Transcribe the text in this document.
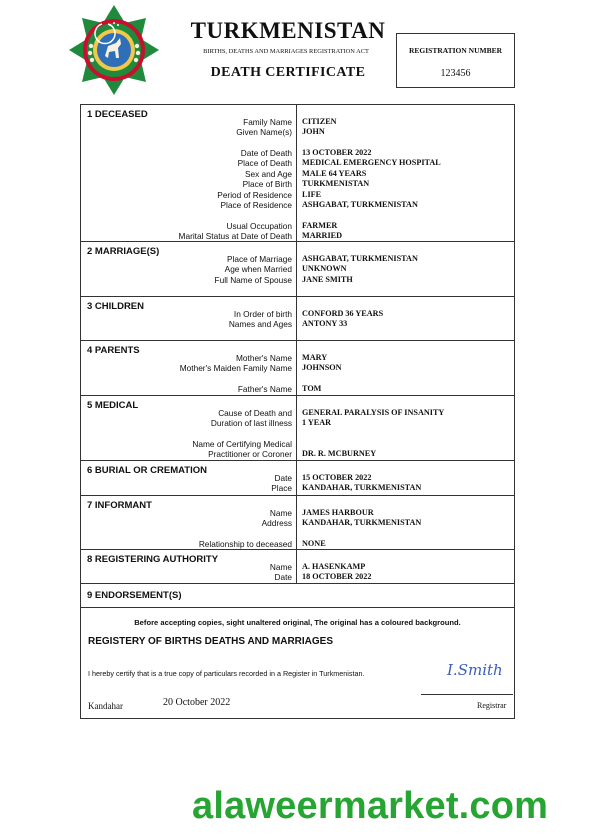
TURKMENISTAN
BIRTHS, DEATHS AND MARRIAGES REGISTRATION ACT
DEATH CERTIFICATE
REGISTRATION NUMBER
123456
1 DECEASED
Family Name CITIZEN
Given Name(s) JOHN
Date of Death 13 OCTOBER 2022
Place of Death MEDICAL EMERGENCY HOSPITAL
Sex and Age MALE 64 YEARS
Place of Birth TURKMENISTAN
Period of Residence LIFE
Place of Residence ASHGABAT, TURKMENISTAN
Usual Occupation FARMER
Marital Status at Date of Death MARRIED
2 MARRIAGE(S)
Place of Marriage ASHGABAT, TURKMENISTAN
Age when Married UNKNOWN
Full Name of Spouse JANE SMITH
3 CHILDREN
In Order of birth CONFORD 36 YEARS
Names and Ages ANTONY 33
4 PARENTS
Mother's Name MARY
Mother's Maiden Family Name JOHNSON
Father's Name TOM
5 MEDICAL
Cause of Death and GENERAL PARALYSIS OF INSANITY
Duration of last illness 1 YEAR
Name of Certifying Medical
Practitioner or Coroner DR. R. MCBURNEY
6 BURIAL OR CREMATION
Date 15 OCTOBER 2022
Place KANDAHAR, TURKMENISTAN
7 INFORMANT
Name JAMES HARBOUR
Address KANDAHAR, TURKMENISTAN
Relationship to deceased NONE
8 REGISTERING AUTHORITY
Name A. HASENKAMP
Date 18 OCTOBER 2022
9 ENDORSEMENT(S)
Before accepting copies, sight unaltered original, The original has a coloured background.
REGISTERY OF BIRTHS DEATHS AND MARRIAGES
I hereby certify that is a true copy of particulars recorded in a Register in Turkmenistan.	I.Smith
Kandahar	20 October 2022	Registrar
alaweermarket.com
